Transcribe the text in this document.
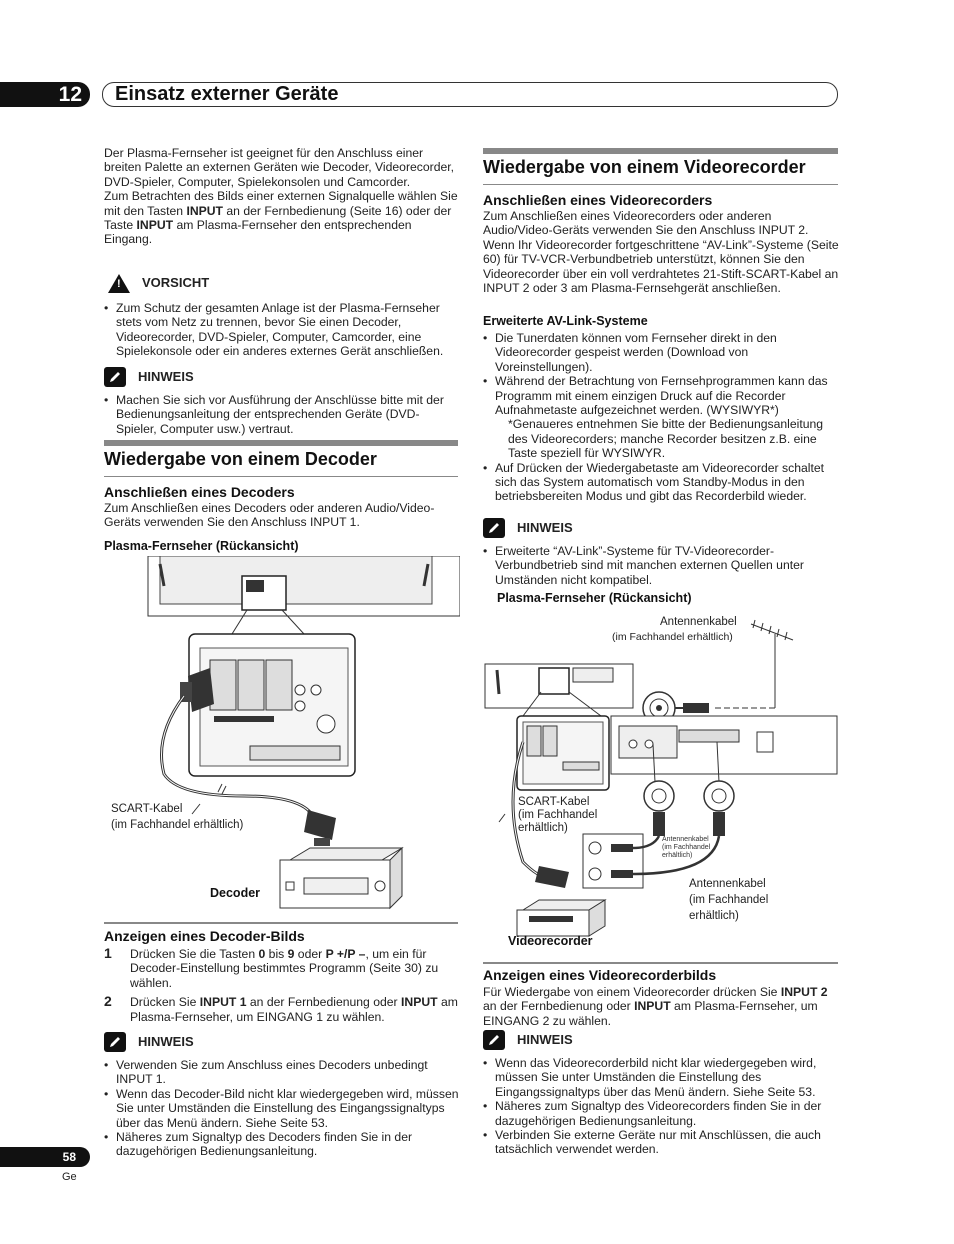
12	Einsatz externer Geräte

Der Plasma-Fernseher ist geeignet für den Anschluss einer breiten Palette an externen Geräten wie Decoder, Videorecorder, DVD-Spieler, Computer, Spielekonsolen und Camcorder.

Zum Betrachten des Bilds einer externen Signalquelle wählen Sie mit den Tasten INPUT an der Fernbedienung (Seite 16) oder der Taste INPUT am Plasma-Fernseher den entsprechenden Eingang.

! VORSICHT
• Zum Schutz der gesamten Anlage ist der Plasma-Fernseher stets vom Netz zu trennen, bevor Sie einen Decoder, Videorecorder, DVD-Spieler, Computer, Camcorder, eine Spielekonsole oder ein anderes externes Gerät anschließen.
HINWEIS
• Machen Sie sich vor Ausführung der Anschlüsse bitte mit der Bedienungsanleitung der entsprechenden Geräte (DVD-Spieler, Computer usw.) vertraut.
Wiedergabe von einem Decoder
Anschließen eines Decoders
Zum Anschließen eines Decoders oder anderen Audio/Video-Geräts verwenden Sie den Anschluss INPUT 1.
Plasma-Fernseher (Rückansicht)
SCART-Kabel
(im Fachhandel erhältlich)
Decoder
Anzeigen eines Decoder-Bilds
1	Drücken Sie die Tasten 0 bis 9 oder P +/P –, um ein für Decoder-Einstellung bestimmtes Programm (Seite 30) zu wählen.
2	Drücken Sie INPUT 1 an der Fernbedienung oder INPUT am Plasma-Fernseher, um EINGANG 1 zu wählen.
HINWEIS
• Verwenden Sie zum Anschluss eines Decoders unbedingt INPUT 1.
• Wenn das Decoder-Bild nicht klar wiedergegeben wird, müssen Sie unter Umständen die Einstellung des Eingangssignaltyps über das Menü ändern. Siehe Seite 53.
• Näheres zum Signaltyp des Decoders finden Sie in der dazugehörigen Bedienungsanleitung.
Wiedergabe von einem Videorecorder
Anschließen eines Videorecorders
Zum Anschließen eines Videorecorders oder anderen Audio/Video-Geräts verwenden Sie den Anschluss INPUT 2. Wenn Ihr Videorecorder fortgeschrittene “AV-Link”-Systeme (Seite 60) für TV-VCR-Verbundbetrieb unterstützt, können Sie den Videorecorder über ein voll verdrahtetes 21-Stift-SCART-Kabel an INPUT 2 oder 3 am Plasma-Fernsehgerät anschließen.
Erweiterte AV-Link-Systeme
• Die Tunerdaten können vom Fernseher direkt in den Videorecorder gespeist werden (Download von Voreinstellungen).
• Während der Betrachtung von Fernsehprogrammen kann das Programm mit einem einzigen Druck auf die Recorder Aufnahmetaste aufgezeichnet werden. (WYSIWYR*)
*Genaueres entnehmen Sie bitte der Bedienungsanleitung des Videorecorders; manche Recorder besitzen z.B. eine Taste speziell für WYSIWYR.
• Auf Drücken der Wiedergabetaste am Videorecorder schaltet sich das System automatisch vom Standby-Modus in den betriebsbereiten Modus und gibt das Recorderbild wieder.
HINWEIS
• Erweiterte “AV-Link”-Systeme für TV-Videorecorder-Verbundbetrieb sind mit manchen externen Quellen unter Umständen nicht kompatibel.
Plasma-Fernseher (Rückansicht)
Antennenkabel
(im Fachhandel erhältlich)
SCART-Kabel
(im Fachhandel
erhältlich)
Antennenkabel
(im Fachhandel
erhältlich)
Antennenkabel
(im Fachhandel
erhältlich)
Videorecorder
Anzeigen eines Videorecorderbilds
Für Wiedergabe von einem Videorecorder drücken Sie INPUT 2 an der Fernbedienung oder INPUT am Plasma-Fernseher, um EINGANG 2 zu wählen.
HINWEIS
• Wenn das Videorecorderbild nicht klar wiedergegeben wird, müssen Sie unter Umständen die Einstellung des Eingangssignaltyps über das Menü ändern. Siehe Seite 53.
• Näheres zum Signaltyp des Videorecorders finden Sie in der dazugehörigen Bedienungsanleitung.
• Verbinden Sie externe Geräte nur mit Anschlüssen, die auch tatsächlich verwendet werden.
58
Ge
